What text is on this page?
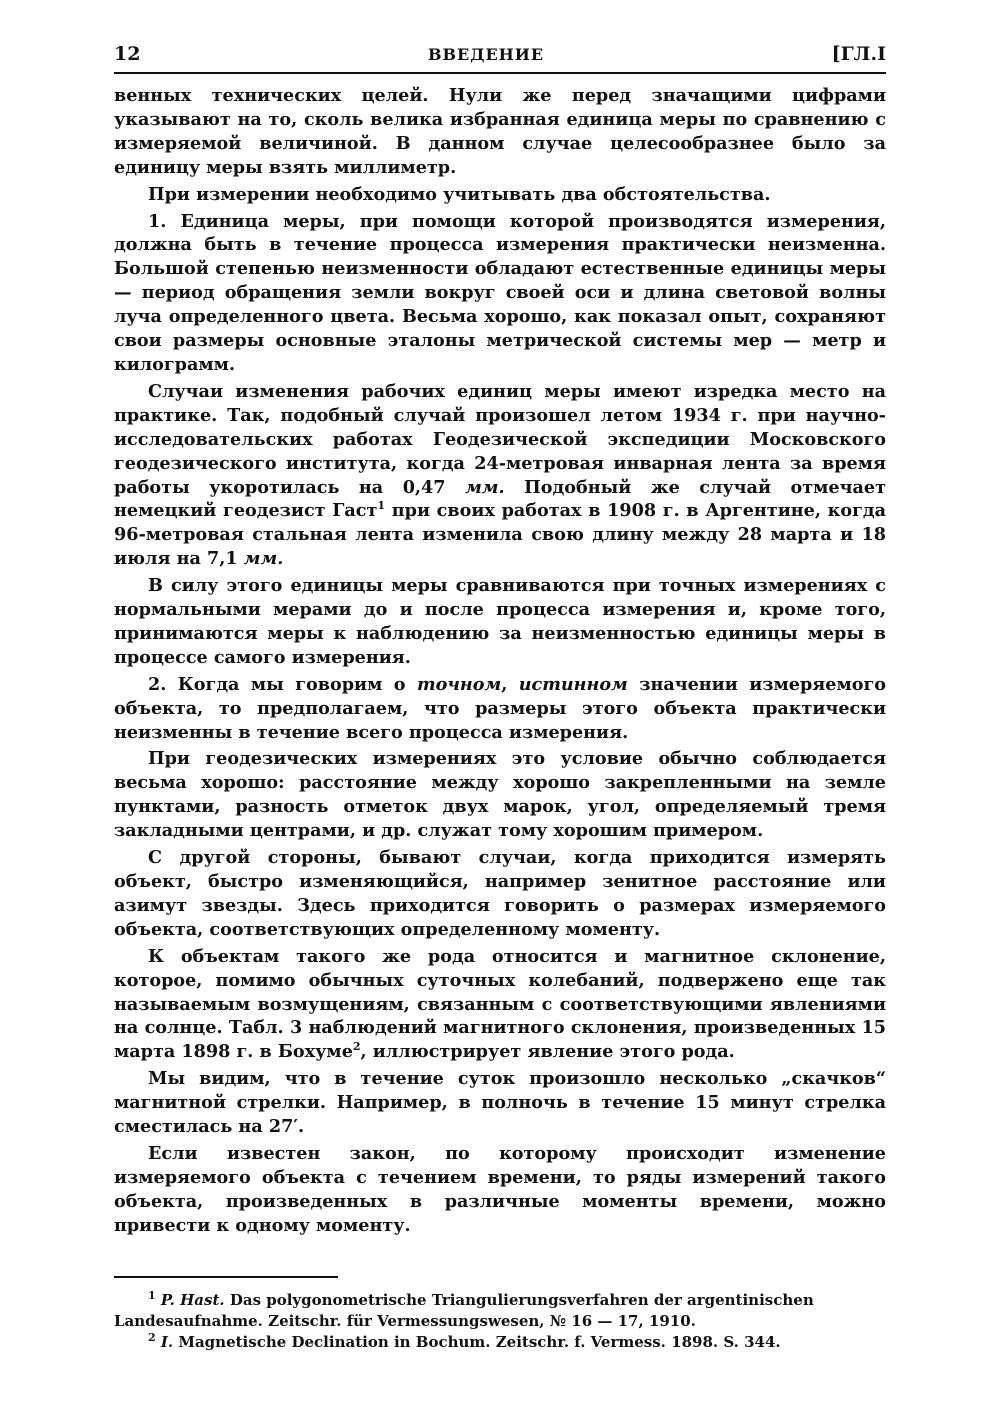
12	ВВЕДЕНИЕ	[ГЛ.I

венных технических целей. Нули же перед значащими цифрами указывают на то, сколь велика избранная единица меры по сравнению с измеряемой величиной. В данном случае целесообразнее было за единицу меры взять миллиметр.

При измерении необходимо учитывать два обстоятельства.

1. Единица меры, при помощи которой производятся измерения, должна быть в течение процесса измерения практически неизменна. Большой степенью неизменности обладают естественные единицы меры — период обращения земли вокруг своей оси и длина световой волны луча определенного цвета. Весьма хорошо, как показал опыт, сохраняют свои размеры основные эталоны метрической системы мер — метр и килограмм.

Случаи изменения рабочих единиц меры имеют изредка место на практике. Так, подобный случай произошел летом 1934 г. при научно-исследовательских работах Геодезической экспедиции Московского геодезического института, когда 24-метровая инварная лента за время работы укоротилась на 0,47 мм. Подобный же случай отмечает немецкий геодезист Гаст$^1$ при своих работах в 1908 г. в Аргентине, когда 96-метровая стальная лента изменила свою длину между 28 марта и 18 июля на 7,1 мм.

В силу этого единицы меры сравниваются при точных измерениях с нормальными мерами до и после процесса измерения и, кроме того, принимаются меры к наблюдению за неизменностью единицы меры в процессе самого измерения.

2. Когда мы говорим о точном, истинном значении измеряемого объекта, то предполагаем, что размеры этого объекта практически неизменны в течение всего процесса измерения.

При геодезических измерениях это условие обычно соблюдается весьма хорошо: расстояние между хорошо закрепленными на земле пунктами, разность отметок двух марок, угол, определяемый тремя закладными центрами, и др. служат тому хорошим примером.

С другой стороны, бывают случаи, когда приходится измерять объект, быстро изменяющийся, например зенитное расстояние или азимут звезды. Здесь приходится говорить о размерах измеряемого объекта, соответствующих определенному моменту.

К объектам такого же рода относится и магнитное склонение, которое, помимо обычных суточных колебаний, подвержено еще так называемым возмущениям, связанным с соответствующими явлениями на солнце. Табл. 3 наблюдений магнитного склонения, произведенных 15 марта 1898 г. в Бохуме$^2$, иллюстрирует явление этого рода.

Мы видим, что в течение суток произошло несколько „скачков“ магнитной стрелки. Например, в полночь в течение 15 минут стрелка сместилась на 27′.

Если известен закон, по которому происходит изменение измеряемого объекта с течением времени, то ряды измерений такого объекта, произведенных в различные моменты времени, можно привести к одному моменту.

$^1$ P. Hast. Das polygonometrische Triangulierungsverfahren der argentinischen Landesaufnahme. Zeitschr. für Vermessungswesen, № 16 — 17, 1910.

$^2$ I. Magnetische Declination in Bochum. Zeitschr. f. Vermess. 1898. S. 344.
